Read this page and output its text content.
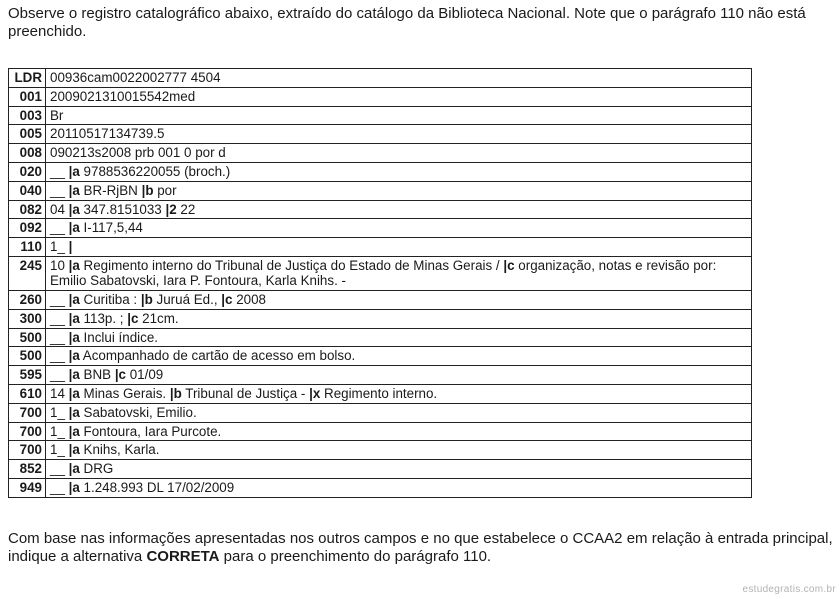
Observe o registro catalográfico abaixo, extraído do catálogo da Biblioteca Nacional. Note que o parágrafo 110 não está preenchido.

LDR	00936cam0022002777 4504
001	2009021310015542med
003	Br
005	20110517134739.5
008	090213s2008 prb 001 0 por d
020	__ |a 9788536220055 (broch.)
040	__ |a BR-RjBN |b por
082	04 |a 347.8151033 |2 22
092	__ |a I-117,5,44
110	1_ |
245	10 |a Regimento interno do Tribunal de Justiça do Estado de Minas Gerais / |c organização, notas e revisão por: Emilio Sabatovski, Iara P. Fontoura, Karla Knihs. -
260	__ |a Curitiba : |b Juruá Ed., |c 2008
300	__ |a 113p. ; |c 21cm.
500	__ |a Inclui índice.
500	__ |a Acompanhado de cartão de acesso em bolso.
595	__ |a BNB |c 01/09
610	14 |a Minas Gerais. |b Tribunal de Justiça - |x Regimento interno.
700	1_ |a Sabatovski, Emilio.
700	1_ |a Fontoura, Iara Purcote.
700	1_ |a Knihs, Karla.
852	__ |a DRG
949	__ |a 1.248.993 DL 17/02/2009

Com base nas informações apresentadas nos outros campos e no que estabelece o CCAA2 em relação à entrada principal, indique a alternativa CORRETA para o preenchimento do parágrafo 110.

estudegratis.com.br
